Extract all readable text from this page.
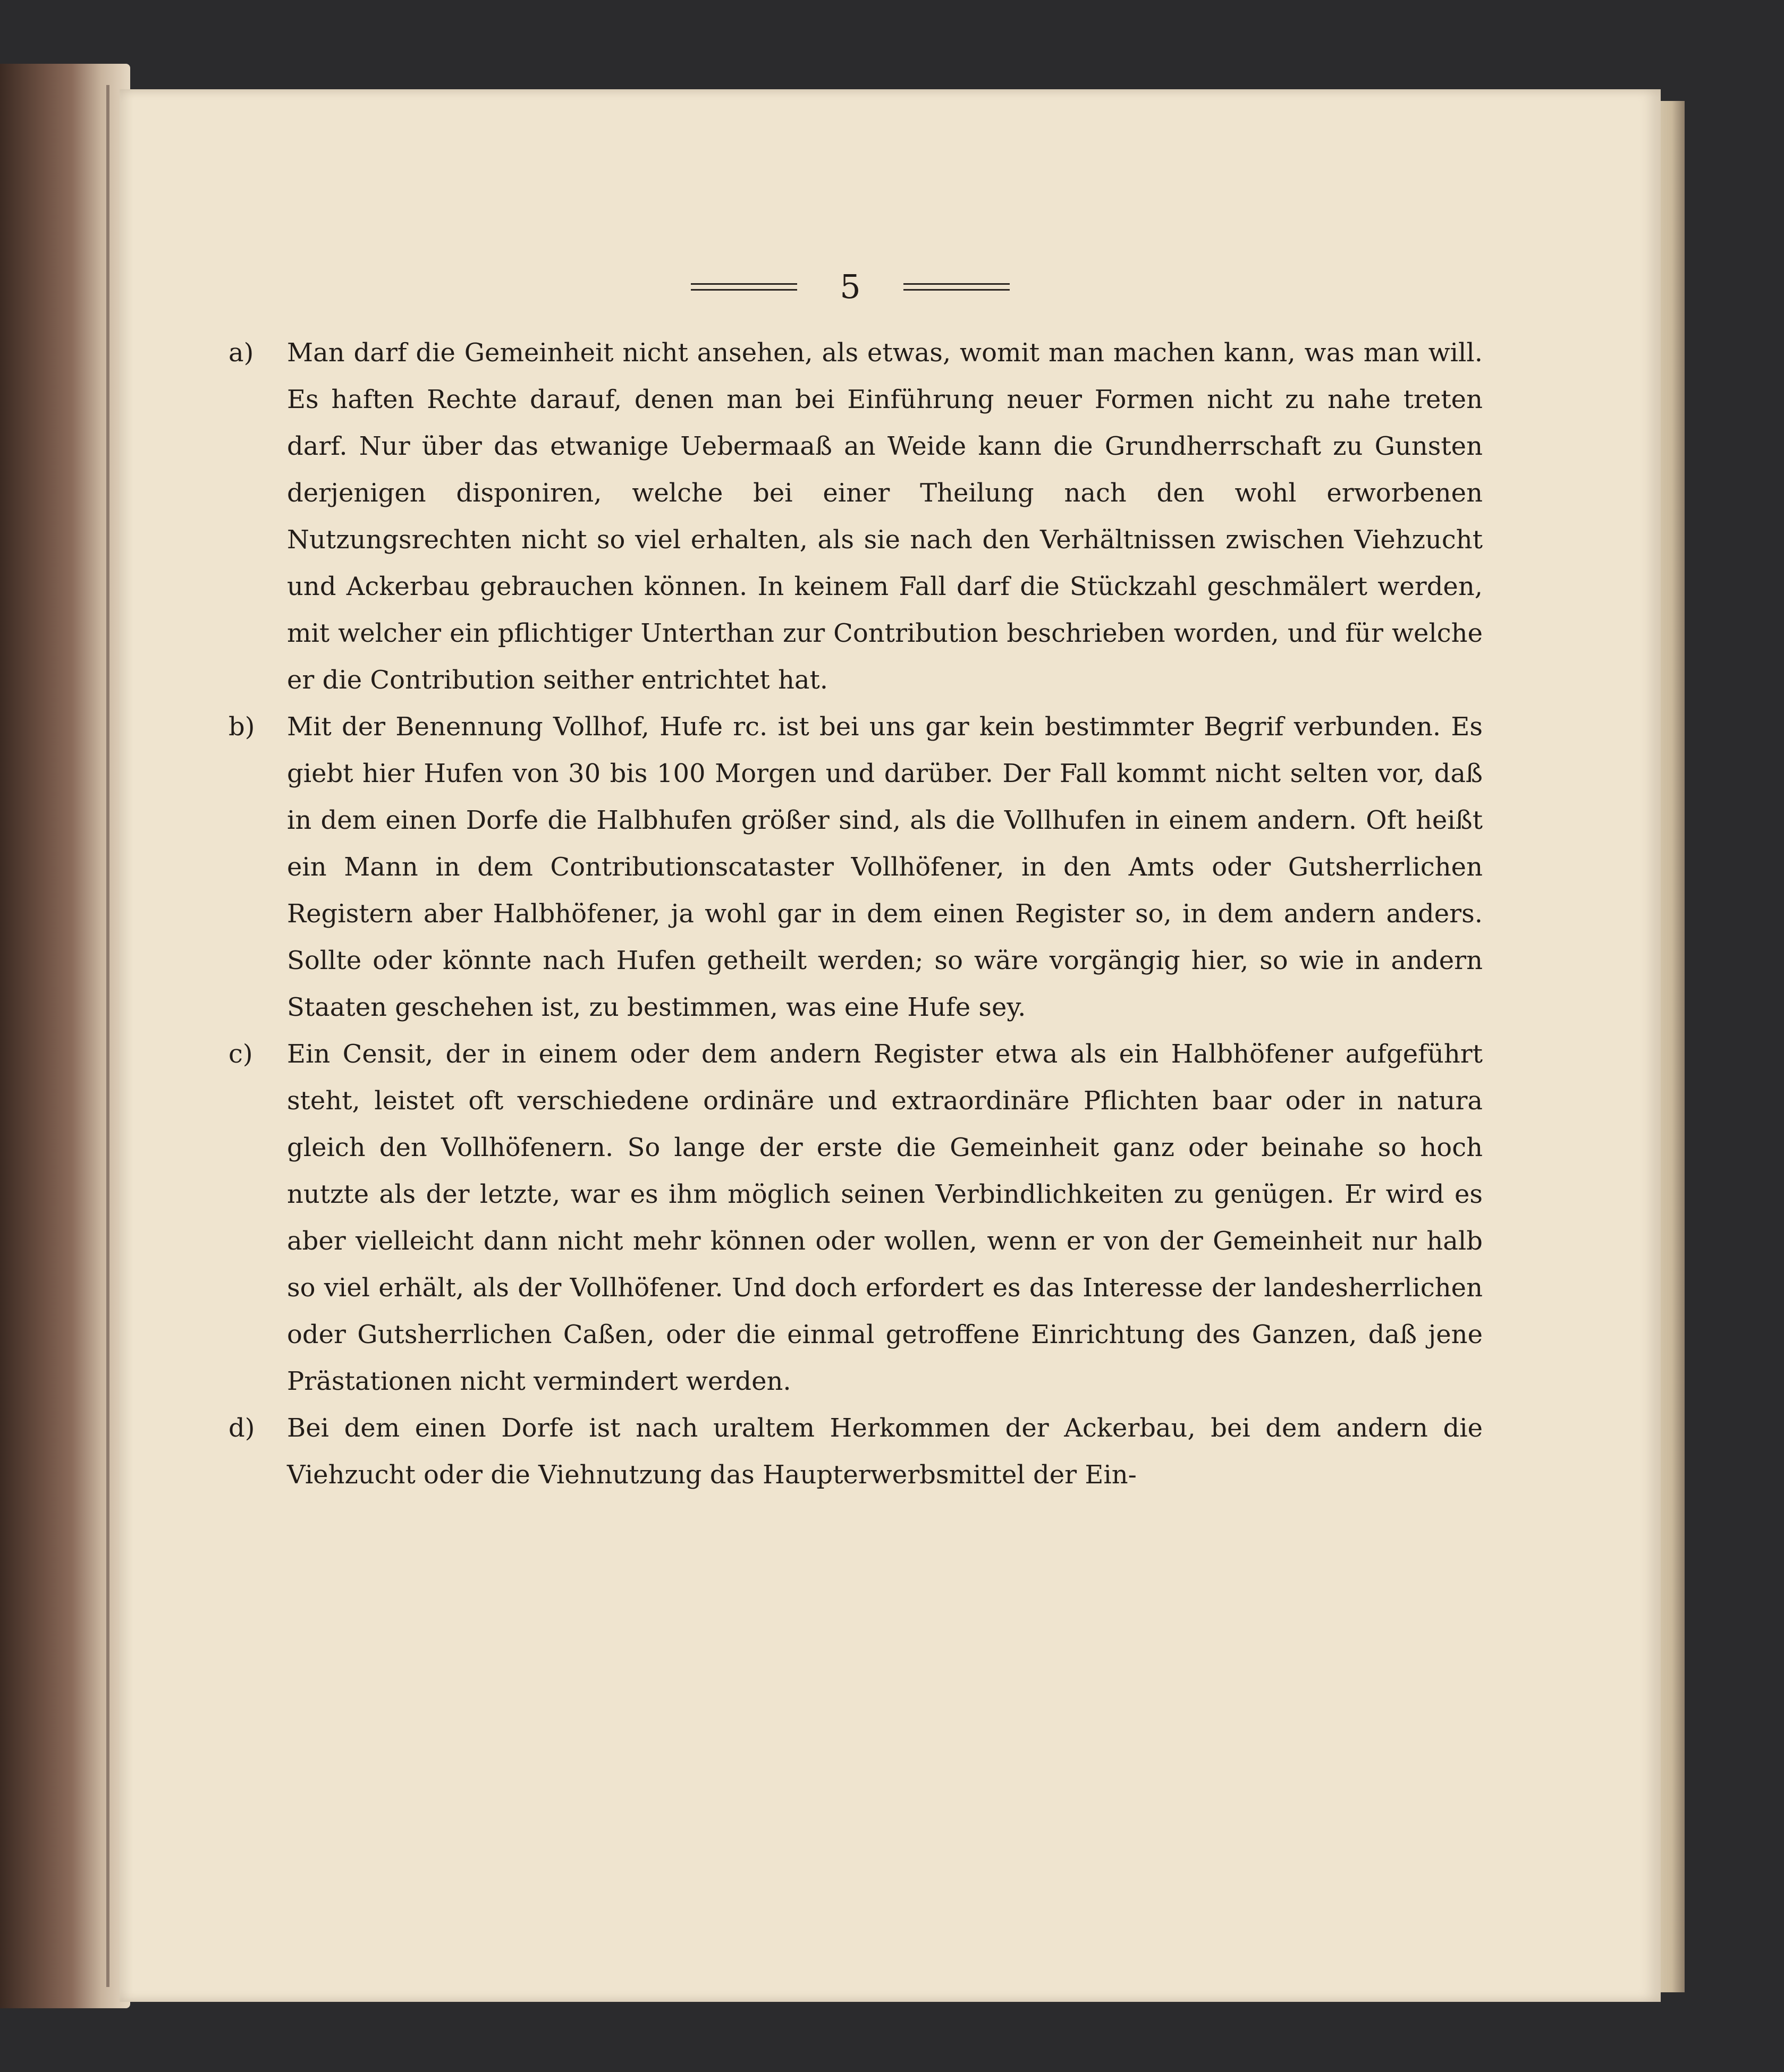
5

a)	Man darf die Gemeinheit nicht ansehen, als etwas, womit man machen kann, was man will. Es haften Rechte darauf, denen man bei Einführung neuer Formen nicht zu nahe treten darf. Nur über das etwanige Uebermaaß an Weide kann die Grundherrschaft zu Gunsten derjenigen disponiren, welche bei einer Theilung nach den wohl erworbenen Nutzungsrechten nicht so viel erhalten, als sie nach den Verhältnissen zwischen Viehzucht und Ackerbau gebrauchen können. In keinem Fall darf die Stückzahl geschmälert werden, mit welcher ein pflichtiger Unterthan zur Contribution beschrieben worden, und für welche er die Contribution seither entrichtet hat.

b)	Mit der Benennung Vollhof, Hufe rc. ist bei uns gar kein bestimmter Begrif verbunden. Es giebt hier Hufen von 30 bis 100 Morgen und darüber. Der Fall kommt nicht selten vor, daß in dem einen Dorfe die Halbhufen größer sind, als die Vollhufen in einem andern. Oft heißt ein Mann in dem Contributionscataster Vollhöfener, in den Amts oder Gutsherrlichen Registern aber Halbhöfener, ja wohl gar in dem einen Register so, in dem andern anders. Sollte oder könnte nach Hufen getheilt werden; so wäre vorgängig hier, so wie in andern Staaten geschehen ist, zu bestimmen, was eine Hufe sey.

c)	Ein Censit, der in einem oder dem andern Register etwa als ein Halbhöfener aufgeführt steht, leistet oft verschiedene ordinäre und extraordinäre Pflichten baar oder in natura gleich den Vollhöfenern. So lange der erste die Gemeinheit ganz oder beinahe so hoch nutzte als der letzte, war es ihm möglich seinen Verbindlichkeiten zu genügen. Er wird es aber vielleicht dann nicht mehr können oder wollen, wenn er von der Gemeinheit nur halb so viel erhält, als der Vollhöfener. Und doch erfordert es das Interesse der landesherrlichen oder Gutsherrlichen Caßen, oder die einmal getroffene Einrichtung des Ganzen, daß jene Prästationen nicht vermindert werden.

d)	Bei dem einen Dorfe ist nach uraltem Herkommen der Ackerbau, bei dem andern die Viehzucht oder die Viehnutzung das Haupterwerbsmittel der Ein-
